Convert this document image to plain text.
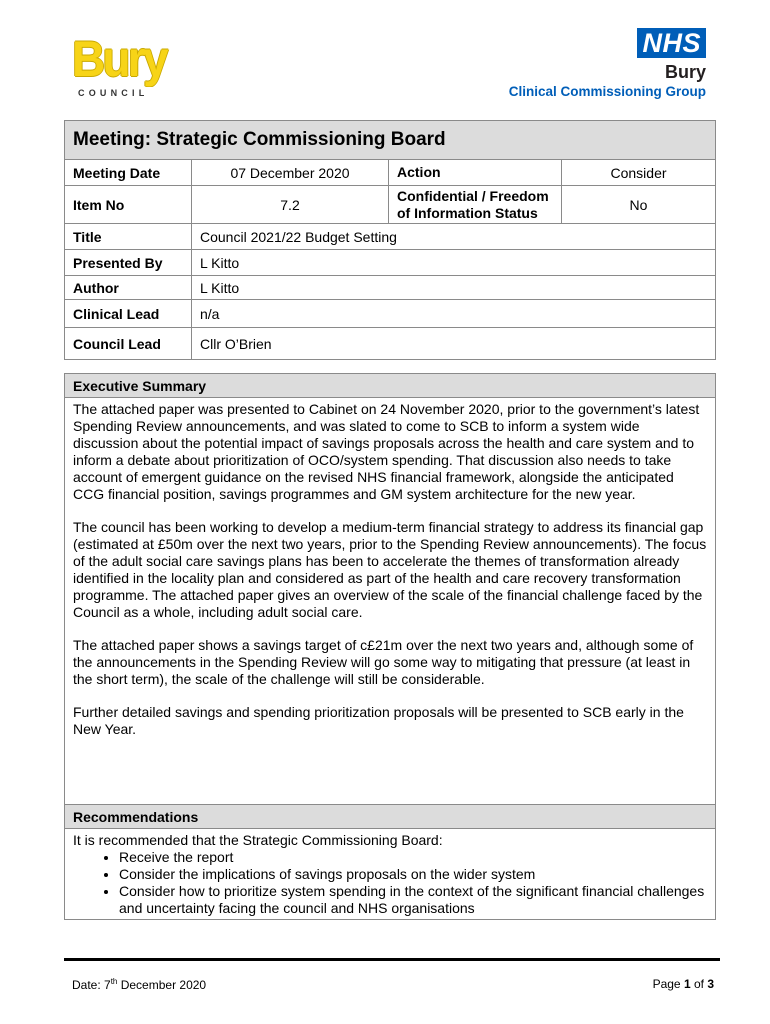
Bury
COUNCIL
NHS
Bury
Clinical Commissioning Group
Meeting: Strategic Commissioning Board			
Meeting Date	07 December 2020	Action	Consider
Item No	7.2	Confidential / Freedom of Information Status	No
Title	Council 2021/22 Budget Setting		
Presented By	L Kitto		
Author	L Kitto		
Clinical Lead	n/a		
Council Lead	Cllr O’Brien		
Executive Summary

The attached paper was presented to Cabinet on 24 November 2020, prior to the government’s latest Spending Review announcements, and was slated to come to SCB to inform a system wide discussion about the potential impact of savings proposals across the health and care system and to inform a debate about prioritization of OCO/system spending. That discussion also needs to take account of emergent guidance on the revised NHS financial framework, alongside the anticipated CCG financial position, savings programmes and GM system architecture for the new year.

The council has been working to develop a medium-term financial strategy to address its financial gap (estimated at £50m over the next two years, prior to the Spending Review announcements). The focus of the adult social care savings plans has been to accelerate the themes of transformation already identified in the locality plan and considered as part of the health and care recovery transformation programme. The attached paper gives an overview of the scale of the financial challenge faced by the Council as a whole, including adult social care.

The attached paper shows a savings target of c£21m over the next two years and, although some of the announcements in the Spending Review will go some way to mitigating that pressure (at least in the short term), the scale of the challenge will still be considerable.

Further detailed savings and spending prioritization proposals will be presented to SCB early in the New Year.

Recommendations
It is recommended that the Strategic Commissioning Board:
• Receive the report
• Consider the implications of savings proposals on the wider system
• Consider how to prioritize system spending in the context of the significant financial challenges and uncertainty facing the council and NHS organisations
Date: 7th December 2020	Page 1 of 3
